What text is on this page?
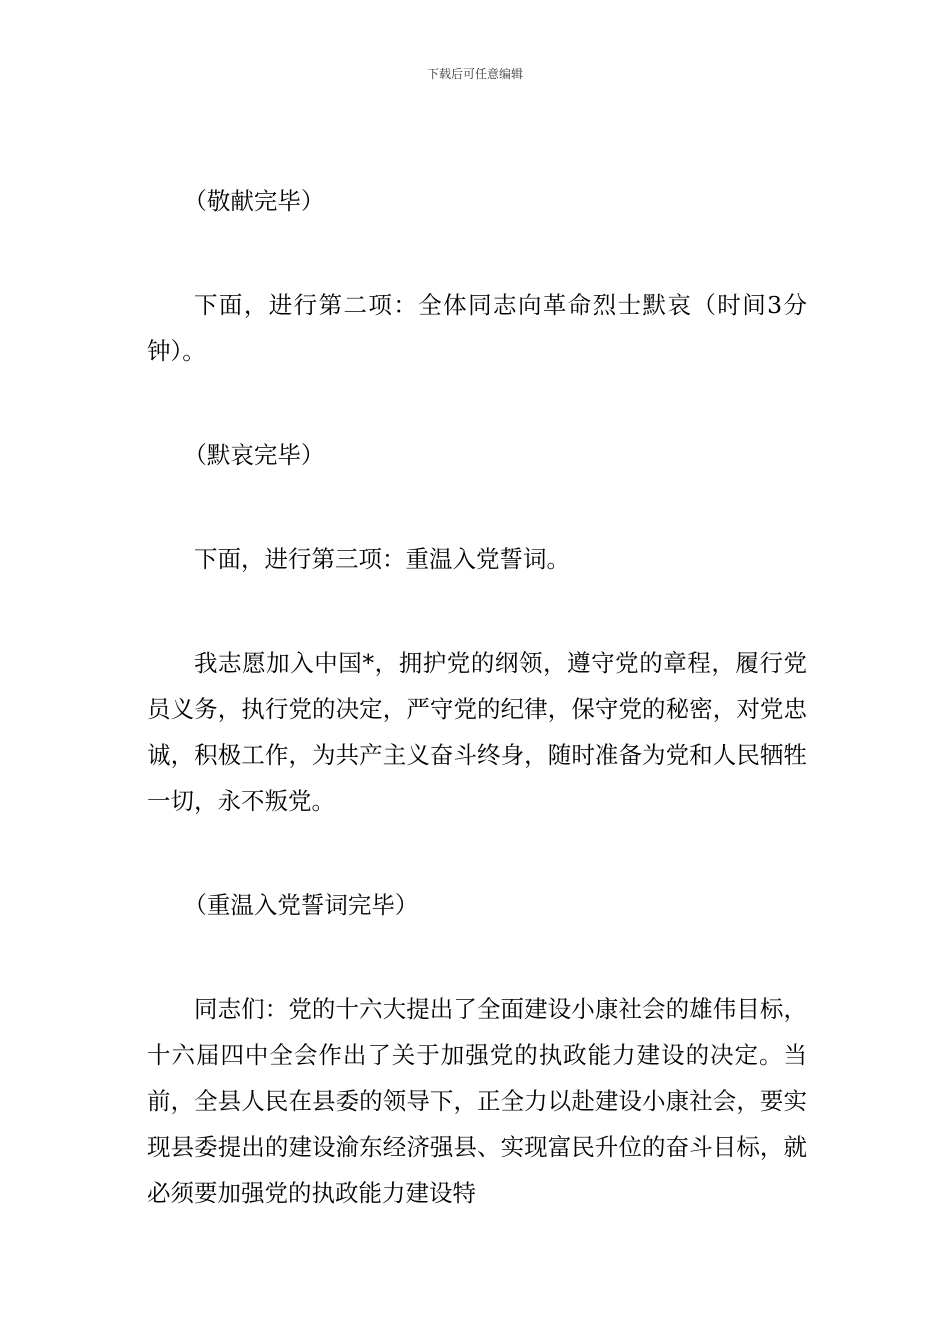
下载后可任意编辑

（敬献完毕）

下面，进行第二项：全体同志向革命烈士默哀（时间3分钟）。

（默哀完毕）

下面，进行第三项：重温入党誓词。

我志愿加入中国*，拥护党的纲领，遵守党的章程，履行党员义务，执行党的决定，严守党的纪律，保守党的秘密，对党忠诚，积极工作，为共产主义奋斗终身，随时准备为党和人民牺牲一切，永不叛党。

（重温入党誓词完毕）

同志们：党的十六大提出了全面建设小康社会的雄伟目标，十六届四中全会作出了关于加强党的执政能力建设的决定。当前，全县人民在县委的领导下，正全力以赴建设小康社会，要实现县委提出的建设渝东经济强县、实现富民升位的奋斗目标，就必须要加强党的执政能力建设特
